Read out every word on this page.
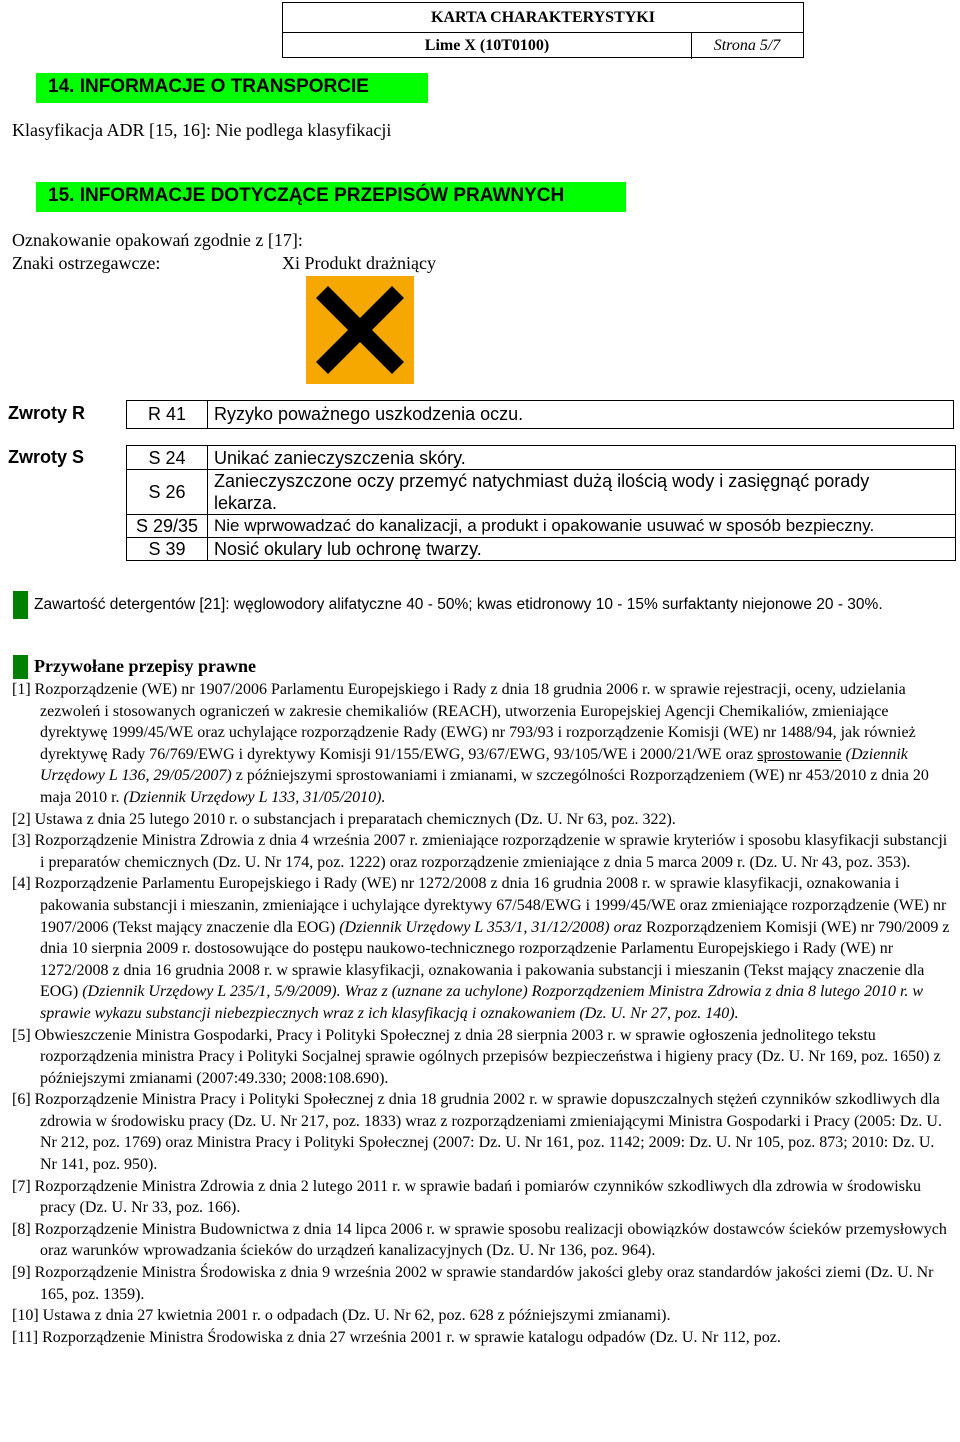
KARTA CHARAKTERYSTYKI
Lime X (10T0100)	Strona 5/7
14. INFORMACJE O TRANSPORCIE
Klasyfikacja ADR [15, 16]: Nie podlega klasyfikacji
15. INFORMACJE DOTYCZĄCE PRZEPISÓW PRAWNYCH
Oznakowanie opakowań zgodnie z [17]:
Znaki ostrzegawcze:	Xi Produkt drażniący
Zwroty R	R 41	Ryzyko poważnego uszkodzenia oczu.
Zwroty S	S 24	Unikać zanieczyszczenia skóry.
S 26	Zanieczyszczone oczy przemyć natychmiast dużą ilością wody i zasięgnąć porady lekarza.
S 29/35	Nie wprwowadzać do kanalizacji, a produkt i opakowanie usuwać w sposób bezpieczny.
S 39	Nosić okulary lub ochronę twarzy.
Zawartość detergentów [21]: węglowodory alifatyczne 40 - 50%; kwas etidronowy 10 - 15% surfaktanty niejonowe 20 - 30%.
Przywołane przepisy prawne

[1] Rozporządzenie (WE) nr 1907/2006 Parlamentu Europejskiego i Rady z dnia 18 grudnia 2006 r. w sprawie rejestracji, oceny, udzielania zezwoleń i stosowanych ograniczeń w zakresie chemikaliów (REACH), utworzenia Europejskiej Agencji Chemikaliów, zmieniające dyrektywę 1999/45/WE oraz uchylające rozporządzenie Rady (EWG) nr 793/93 i rozporządzenie Komisji (WE) nr 1488/94, jak również dyrektywę Rady 76/769/EWG i dyrektywy Komisji 91/155/EWG, 93/67/EWG, 93/105/WE i 2000/21/WE oraz sprostowanie (Dziennik Urzędowy L 136, 29/05/2007) z późniejszymi sprostowaniami i zmianami, w szczególności Rozporządzeniem (WE) nr 453/2010 z dnia 20 maja 2010 r. (Dziennik Urzędowy L 133, 31/05/2010).

[2] Ustawa z dnia 25 lutego 2010 r. o substancjach i preparatach chemicznych (Dz. U. Nr 63, poz. 322).

[3] Rozporządzenie Ministra Zdrowia z dnia 4 września 2007 r. zmieniające rozporządzenie w sprawie kryteriów i sposobu klasyfikacji substancji i preparatów chemicznych (Dz. U. Nr 174, poz. 1222) oraz rozporządzenie zmieniające z dnia 5 marca 2009 r. (Dz. U. Nr 43, poz. 353).

[4] Rozporządzenie Parlamentu Europejskiego i Rady (WE) nr 1272/2008 z dnia 16 grudnia 2008 r. w sprawie klasyfikacji, oznakowania i pakowania substancji i mieszanin, zmieniające i uchylające dyrektywy 67/548/EWG i 1999/45/WE oraz zmieniające rozporządzenie (WE) nr 1907/2006 (Tekst mający znaczenie dla EOG) (Dziennik Urzędowy L 353/1, 31/12/2008) oraz Rozporządzeniem Komisji (WE) nr 790/2009 z dnia 10 sierpnia 2009 r. dostosowujące do postępu naukowo-technicznego rozporządzenie Parlamentu Europejskiego i Rady (WE) nr 1272/2008 z dnia 16 grudnia 2008 r. w sprawie klasyfikacji, oznakowania i pakowania substancji i mieszanin (Tekst mający znaczenie dla EOG) (Dziennik Urzędowy L 235/1, 5/9/2009). Wraz z (uznane za uchylone) Rozporządzeniem Ministra Zdrowia z dnia 8 lutego 2010 r. w sprawie wykazu substancji niebezpiecznych wraz z ich klasyfikacją i oznakowaniem (Dz. U. Nr 27, poz. 140).

[5] Obwieszczenie Ministra Gospodarki, Pracy i Polityki Społecznej z dnia 28 sierpnia 2003 r. w sprawie ogłoszenia jednolitego tekstu rozporządzenia ministra Pracy i Polityki Socjalnej sprawie ogólnych przepisów bezpieczeństwa i higieny pracy (Dz. U. Nr 169, poz. 1650) z późniejszymi zmianami (2007:49.330; 2008:108.690).

[6] Rozporządzenie Ministra Pracy i Polityki Społecznej z dnia 18 grudnia 2002 r. w sprawie dopuszczalnych stężeń czynników szkodliwych dla zdrowia w środowisku pracy (Dz. U. Nr 217, poz. 1833) wraz z rozporządzeniami zmieniającymi Ministra Gospodarki i Pracy (2005: Dz. U. Nr 212, poz. 1769) oraz Ministra Pracy i Polityki Społecznej (2007: Dz. U. Nr 161, poz. 1142; 2009: Dz. U. Nr 105, poz. 873; 2010: Dz. U. Nr 141, poz. 950).

[7] Rozporządzenie Ministra Zdrowia z dnia 2 lutego 2011 r. w sprawie badań i pomiarów czynników szkodliwych dla zdrowia w środowisku pracy (Dz. U. Nr 33, poz. 166).

[8] Rozporządzenie Ministra Budownictwa z dnia 14 lipca 2006 r. w sprawie sposobu realizacji obowiązków dostawców ścieków przemysłowych oraz warunków wprowadzania ścieków do urządzeń kanalizacyjnych (Dz. U. Nr 136, poz. 964).

[9] Rozporządzenie Ministra Środowiska z dnia 9 września 2002 w sprawie standardów jakości gleby oraz standardów jakości ziemi (Dz. U. Nr 165, poz. 1359).

[10] Ustawa z dnia 27 kwietnia 2001 r. o odpadach (Dz. U. Nr 62, poz. 628 z późniejszymi zmianami).

[11] Rozporządzenie Ministra Środowiska z dnia 27 września 2001 r. w sprawie katalogu odpadów (Dz. U. Nr 112, poz.
